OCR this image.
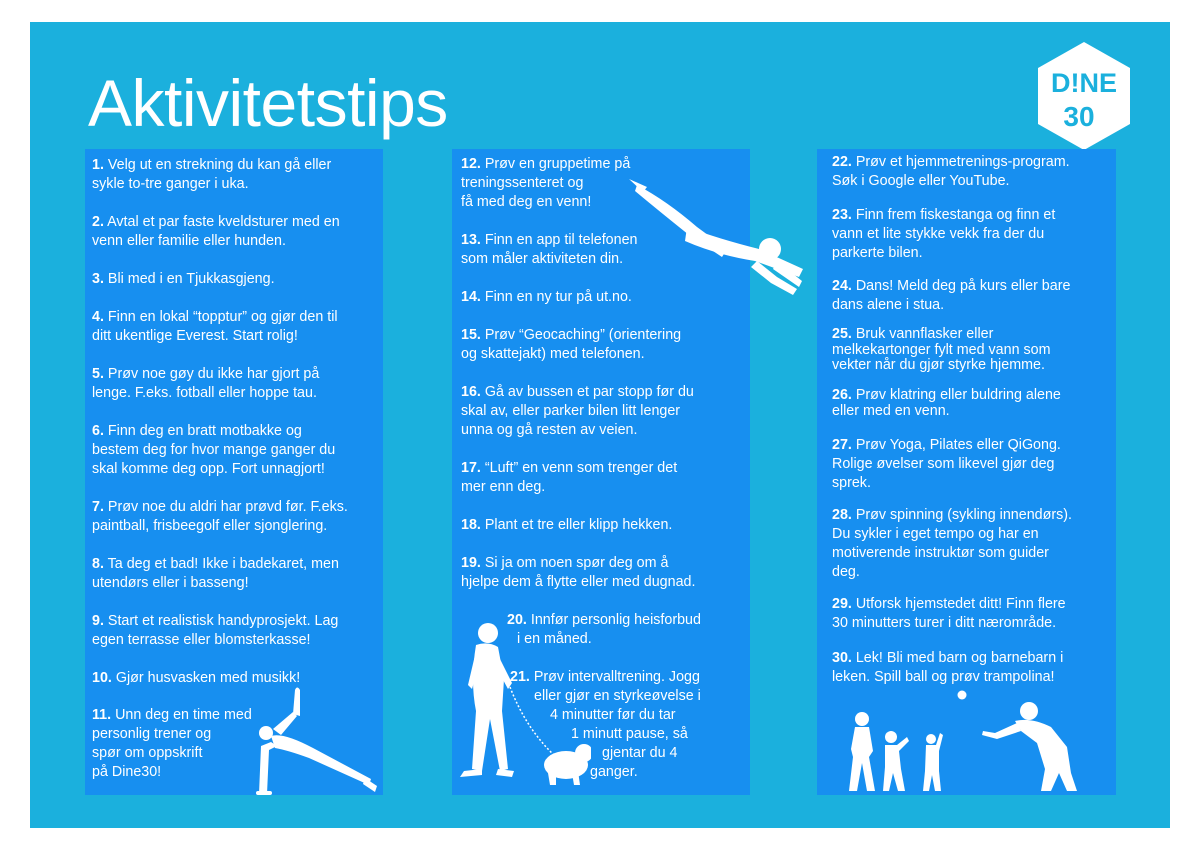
Aktivitetstips	D!NE
30
1. Velg ut en strekning du kan gå eller
sykle to-tre ganger i uka.
2. Avtal et par faste kveldsturer med en
venn eller familie eller hunden.
3. Bli med i en Tjukkasgjeng.
4. Finn en lokal “topptur” og gjør den til
ditt ukentlige Everest. Start rolig!
5. Prøv noe gøy du ikke har gjort på
lenge. F.eks. fotball eller hoppe tau.
6. Finn deg en bratt motbakke og
bestem deg for hvor mange ganger du
skal komme deg opp. Fort unnagjort!
7. Prøv noe du aldri har prøvd før. F.eks.
paintball, frisbeegolf eller sjonglering.
8. Ta deg et bad! Ikke i badekaret, men
utendørs eller i basseng!
9. Start et realistisk handyprosjekt. Lag
egen terrasse eller blomsterkasse!
10. Gjør husvasken med musikk!
11. Unn deg en time med
personlig trener og
spør om oppskrift
på Dine30!
12. Prøv en gruppetime på
treningssenteret og
få med deg en venn!
13. Finn en app til telefonen
som måler aktiviteten din.
14. Finn en ny tur på ut.no.
15. Prøv “Geocaching” (orientering
og skattejakt) med telefonen.
16. Gå av bussen et par stopp før du
skal av, eller parker bilen litt lenger
unna og gå resten av veien.
17. “Luft” en venn som trenger det
mer enn deg.
18. Plant et tre eller klipp hekken.
19. Si ja om noen spør deg om å
hjelpe dem å flytte eller med dugnad.
20. Innfør personlig heisforbud
i en måned.
21. Prøv intervalltrening. Jogg
eller gjør en styrkeøvelse i
4 minutter før du tar
1 minutt pause, så
gjentar du 4
ganger.
22. Prøv et hjemmetrenings-program.
Søk i Google eller YouTube.
23. Finn frem fiskestanga og finn et
vann et lite stykke vekk fra der du
parkerte bilen.
24. Dans! Meld deg på kurs eller bare
dans alene i stua.
25. Bruk vannflasker eller
melkekartonger fylt med vann som
vekter når du gjør styrke hjemme.
26. Prøv klatring eller buldring alene
eller med en venn.
27. Prøv Yoga, Pilates eller QiGong.
Rolige øvelser som likevel gjør deg
sprek.
28. Prøv spinning (sykling innendørs).
Du sykler i eget tempo og har en
motiverende instruktør som guider
deg.
29. Utforsk hjemstedet ditt! Finn flere
30 minutters turer i ditt nærområde.
30. Lek! Bli med barn og barnebarn i
leken. Spill ball og prøv trampolina!
